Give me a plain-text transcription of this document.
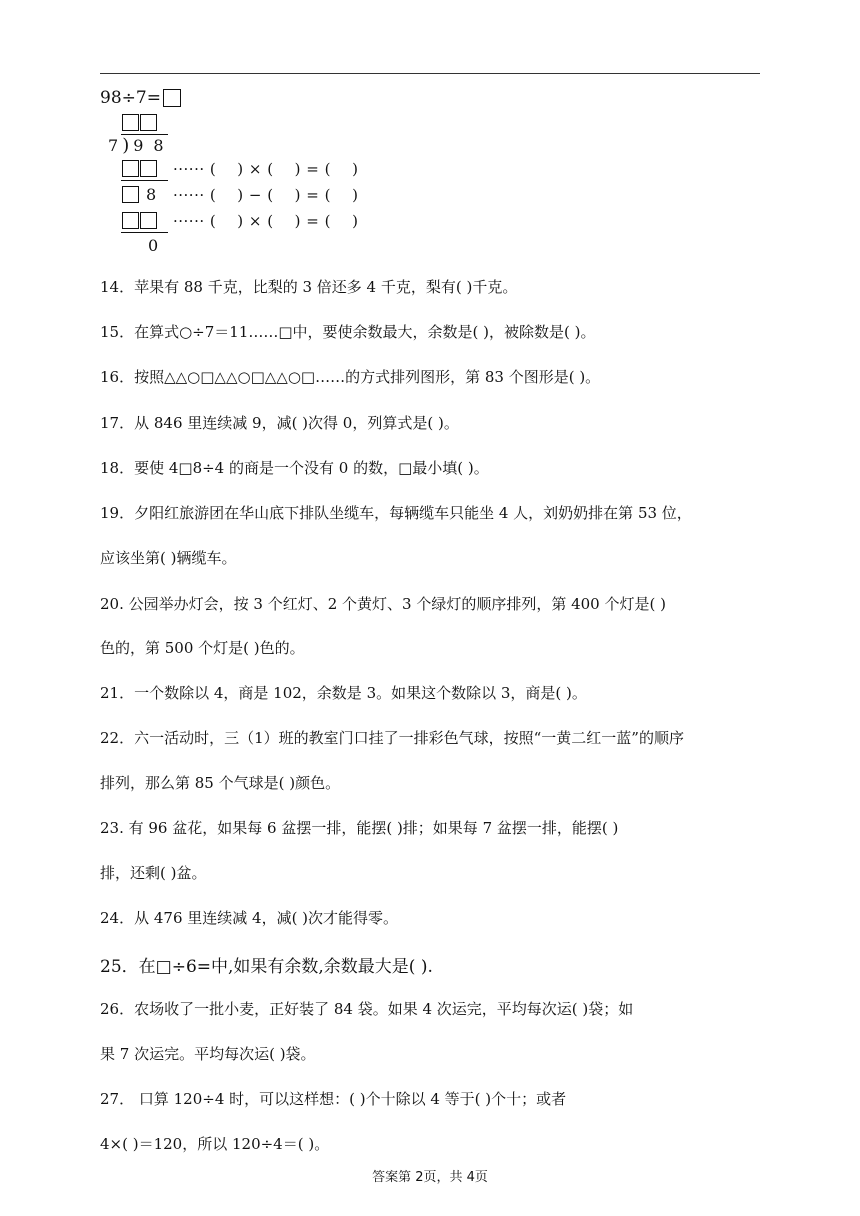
98÷7=
7 ) 9 8
······ (    ) × (    ) = (    )
8 ······ (    ) − (    ) = (    )
······ (    ) × (    ) = (    )
0
14．苹果有 88 千克，比梨的 3 倍还多 4 千克，梨有( )千克。
15．在算式○÷7＝11……□中，要使余数最大，余数是( )，被除数是( )。
16．按照△△○□△△○□△△○□……的方式排列图形，第 83 个图形是( )。
17．从 846 里连续减 9，减( )次得 0，列算式是( )。
18．要使 4□8÷4 的商是一个没有 0 的数，□最小填( )。
19．夕阳红旅游团在华山底下排队坐缆车，每辆缆车只能坐 4 人，刘奶奶排在第 53 位，
应该坐第( )辆缆车。
20. 公园举办灯会，按 3 个红灯、2 个黄灯、3 个绿灯的顺序排列，第 400 个灯是( )
色的，第 500 个灯是( )色的。
21．一个数除以 4，商是 102，余数是 3。如果这个数除以 3，商是( )。
22．六一活动时，三（1）班的教室门口挂了一排彩色气球，按照“一黄二红一蓝”的顺序
排列，那么第 85 个气球是( )颜色。
23. 有 96 盆花，如果每 6 盆摆一排，能摆( )排；如果每 7 盆摆一排，能摆( )
排，还剩( )盆。
24．从 476 里连续减 4，减( )次才能得零。
25．在□÷6=中,如果有余数,余数最大是( ).
26．农场收了一批小麦，正好装了 84 袋。如果 4 次运完，平均每次运( )袋；如
果 7 次运完。平均每次运( )袋。
27． 口算 120÷4 时，可以这样想：( )个十除以 4 等于( )个十；或者
4×( )＝120，所以 120÷4＝( )。
答案第 2页，共 4页
